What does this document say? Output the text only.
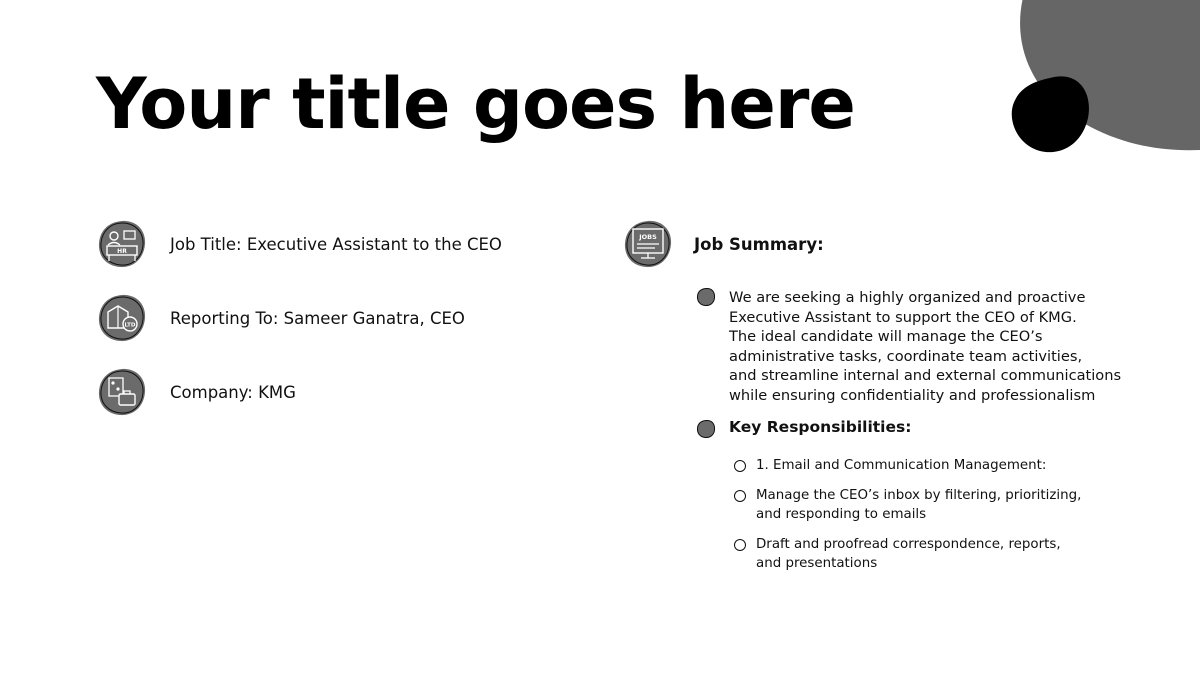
Your title goes here
HR	Job Title: Executive Assistant to the CEO
LTD Reporting To: Sameer Ganatra, CEO
Company: KMG
JOBS Job Summary:
We are seeking a highly organized and proactive
Executive Assistant to support the CEO of KMG.
The ideal candidate will manage the CEO’s
administrative tasks, coordinate team activities,
and streamline internal and external communications
while ensuring confidentiality and professionalism
Key Responsibilities:
1. Email and Communication Management:
Manage the CEO’s inbox by filtering, prioritizing,
and responding to emails
Draft and proofread correspondence, reports,
and presentations
